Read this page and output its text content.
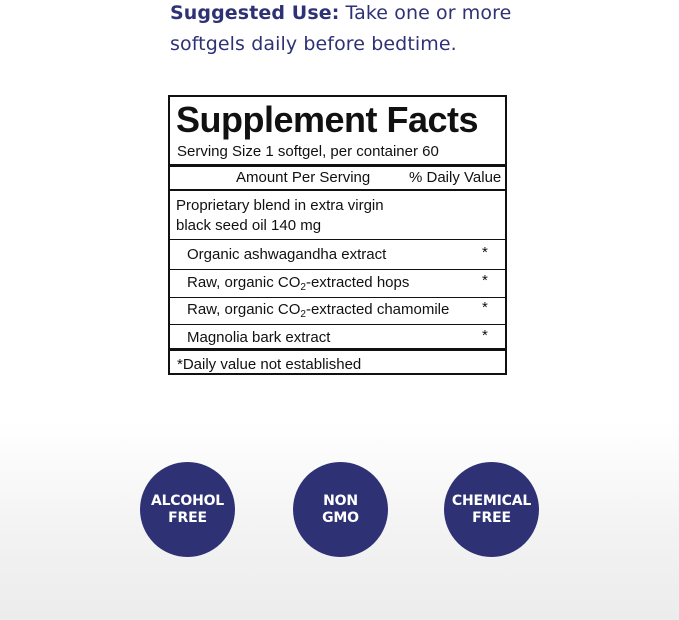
Suggested Use: Take one or more softgels daily before bedtime.
Supplement Facts
Serving Size 1 softgel, per container 60
Amount Per Serving	% Daily Value
Proprietary blend in extra virgin
black seed oil 140 mg
Organic ashwagandha extract	*
Raw, organic $CO_2$-extracted hops	*
Raw, organic $CO_2$-extracted chamomile *
Magnolia bark extract	*
*Daily value not established
ALCOHOL
FREE
NON
GMO
CHEMICAL
FREE
